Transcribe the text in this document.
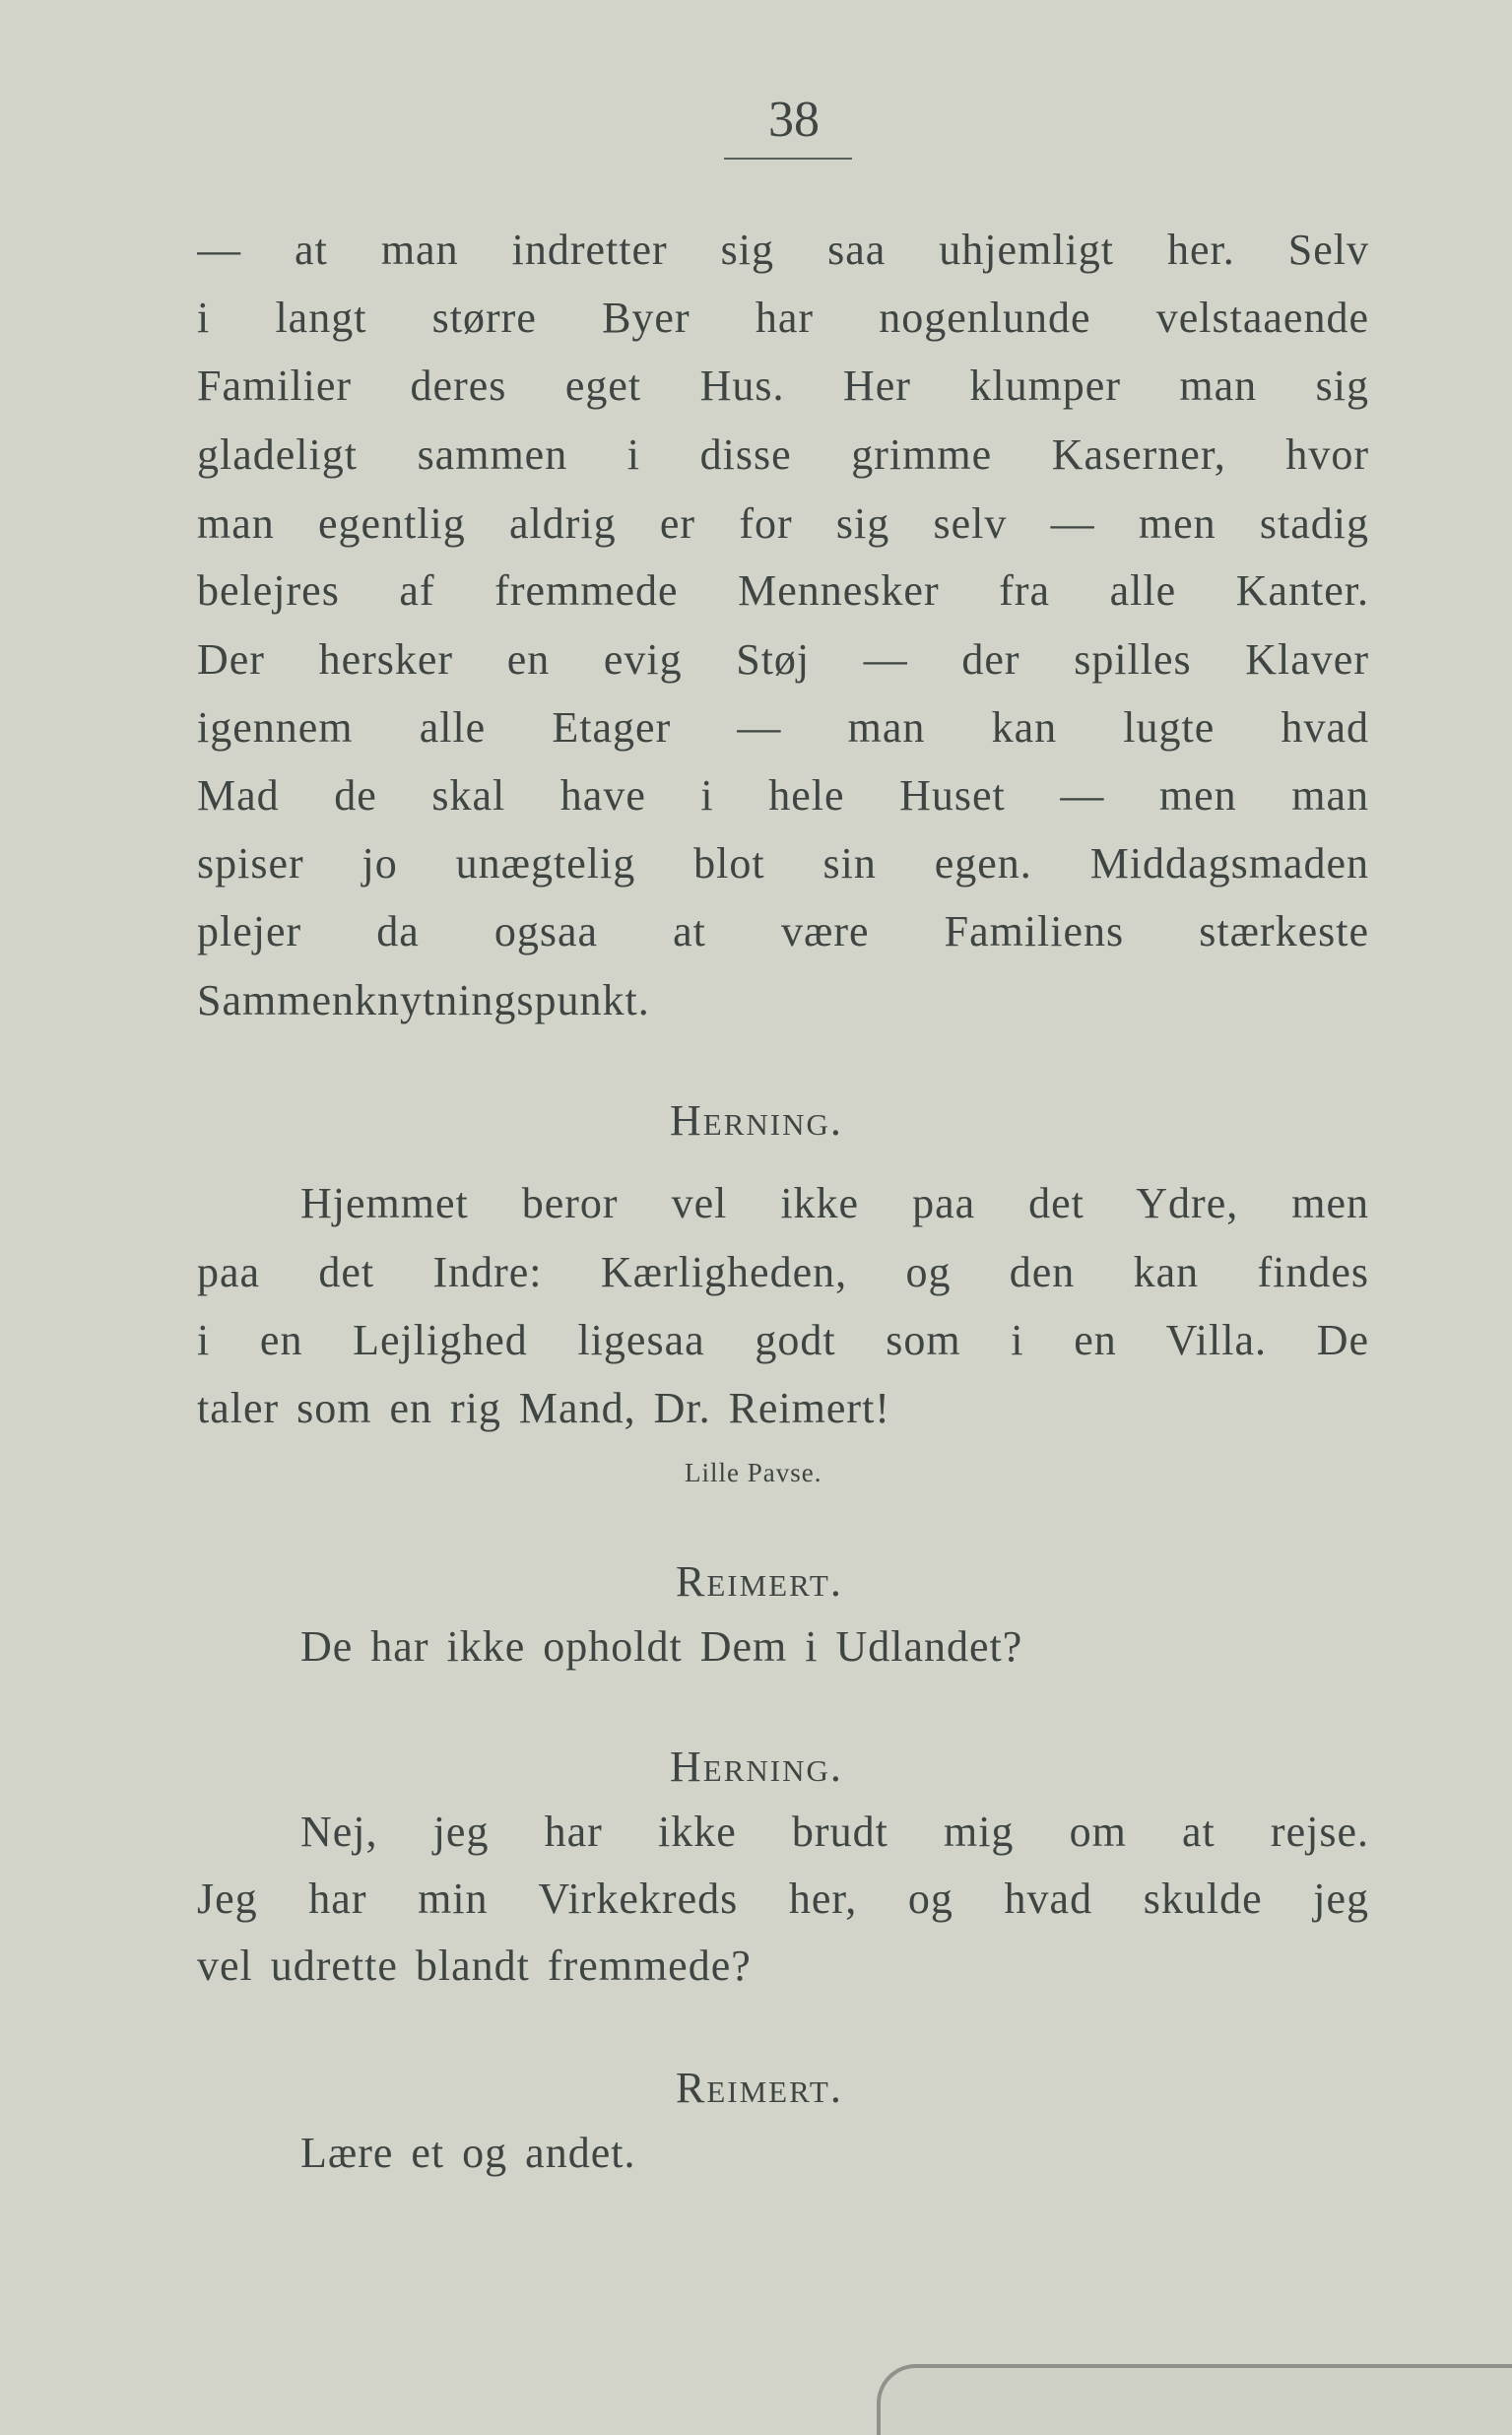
38
— at man indretter sig saa uhjemligt her. Selv
i langt større Byer har nogenlunde velstaaende
Familier deres eget Hus. Her klumper man sig
gladeligt sammen i disse grimme Kaserner, hvor
man egentlig aldrig er for sig selv — men stadig
belejres af fremmede Mennesker fra alle Kanter.
Der hersker en evig Støj — der spilles Klaver
igennem alle Etager — man kan lugte hvad
Mad de skal have i hele Huset — men man
spiser jo unægtelig blot sin egen. Middagsmaden
plejer da ogsaa at være Familiens stærkeste
Sammenknytningspunkt.
Herning.
Hjemmet beror vel ikke paa det Ydre, men
paa det Indre: Kærligheden, og den kan findes
i en Lejlighed ligesaa godt som i en Villa. De
taler som en rig Mand, Dr. Reimert!
Lille Pavse.
Reimert.
De har ikke opholdt Dem i Udlandet?
Herning.
Nej, jeg har ikke brudt mig om at rejse.
Jeg har min Virkekreds her, og hvad skulde jeg
vel udrette blandt fremmede?
Reimert.
Lære et og andet.
